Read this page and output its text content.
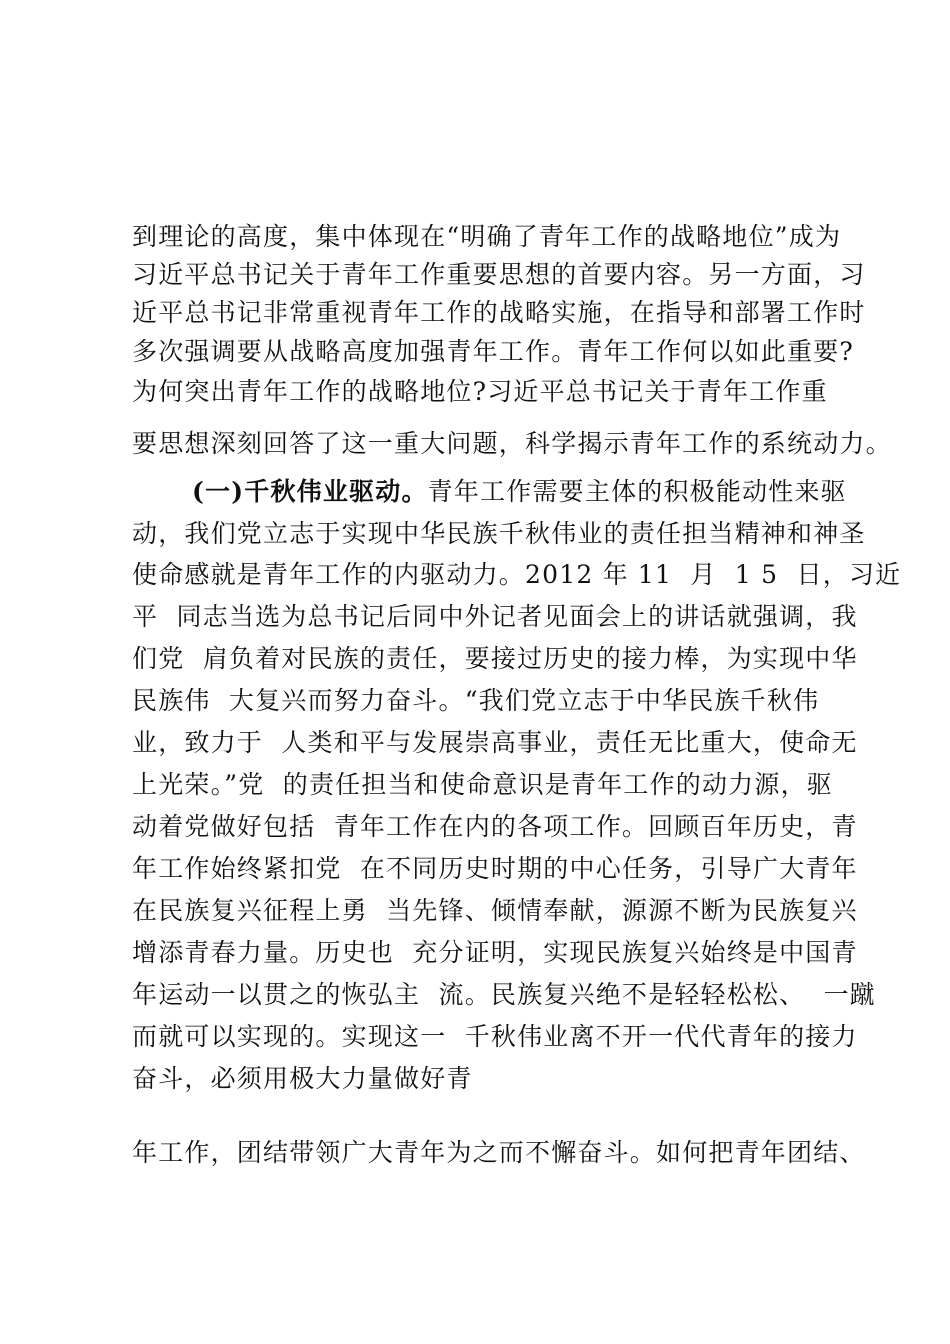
到理论的高度，集中体现在“明确了青年工作的战略地位”成为
习近平总书记关于青年工作重要思想的首要内容。另一方面，习
近平总书记非常重视青年工作的战略实施，在指导和部署工作时
多次强调要从战略高度加强青年工作。青年工作何以如此重要?
为何突出青年工作的战略地位?习近平总书记关于青年工作重
要思想深刻回答了这一重大问题，科学揭示青年工作的系统动力。
(一)千秋伟业驱动。青年工作需要主体的积极能动性来驱
动，我们党立志于实现中华民族千秋伟业的责任担当精神和神圣
使命感就是青年工作的内驱动力。2012 年 11  月  1 5  日，习近
平  同志当选为总书记后同中外记者见面会上的讲话就强调，我
们党  肩负着对民族的责任，要接过历史的接力棒，为实现中华
民族伟  大复兴而努力奋斗。“我们党立志于中华民族千秋伟
业，致力于  人类和平与发展崇高事业，责任无比重大，使命无
上光荣。”党  的责任担当和使命意识是青年工作的动力源，驱
动着党做好包括  青年工作在内的各项工作。回顾百年历史，青
年工作始终紧扣党  在不同历史时期的中心任务，引导广大青年
在民族复兴征程上勇  当先锋、倾情奉献，源源不断为民族复兴
增添青春力量。历史也  充分证明，实现民族复兴始终是中国青
年运动一以贯之的恢弘主  流。民族复兴绝不是轻轻松松、  一蹴
而就可以实现的。实现这一  千秋伟业离不开一代代青年的接力
奋斗，必须用极大力量做好青
年工作，团结带领广大青年为之而不懈奋斗。如何把青年团结、
